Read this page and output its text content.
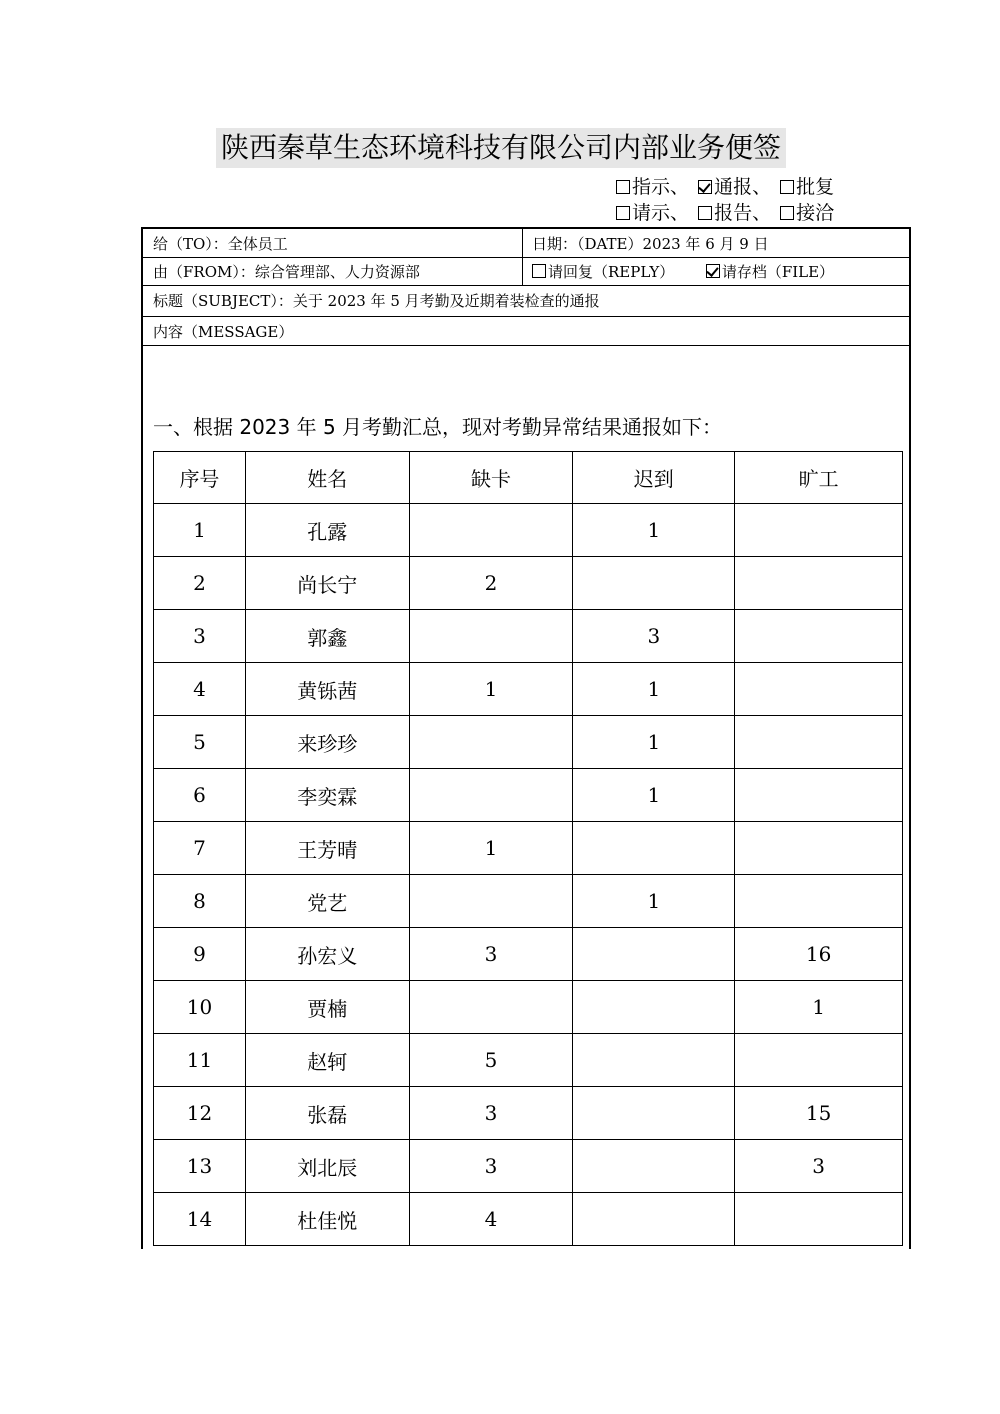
陕西秦草生态环境科技有限公司内部业务便签
指示、 通报、 批复
请示、 报告、 接洽
给（TO）：全体员工	日期：（DATE）2023 年 6 月 9 日
由（FROM）：综合管理部、人力资源部	请回复（REPLY）	请存档（FILE）
标题（SUBJECT）：关于 2023 年 5 月考勤及近期着装检查的通报
内容（MESSAGE）
一、根据 2023 年 5 月考勤汇总，现对考勤异常结果通报如下：
序号	姓名	缺卡	迟到	旷工
1	孔露		1	
2	尚长宁	2		
3	郭鑫		3	
4	黄铄茜	1	1	
5	来珍珍		1	
6	李奕霖		1	
7	王芳晴	1		
8	党艺		1	
9	孙宏义	3		16
10	贾楠			1
11	赵轲	5		
12	张磊	3		15
13	刘北辰	3		3
14	杜佳悦	4		
